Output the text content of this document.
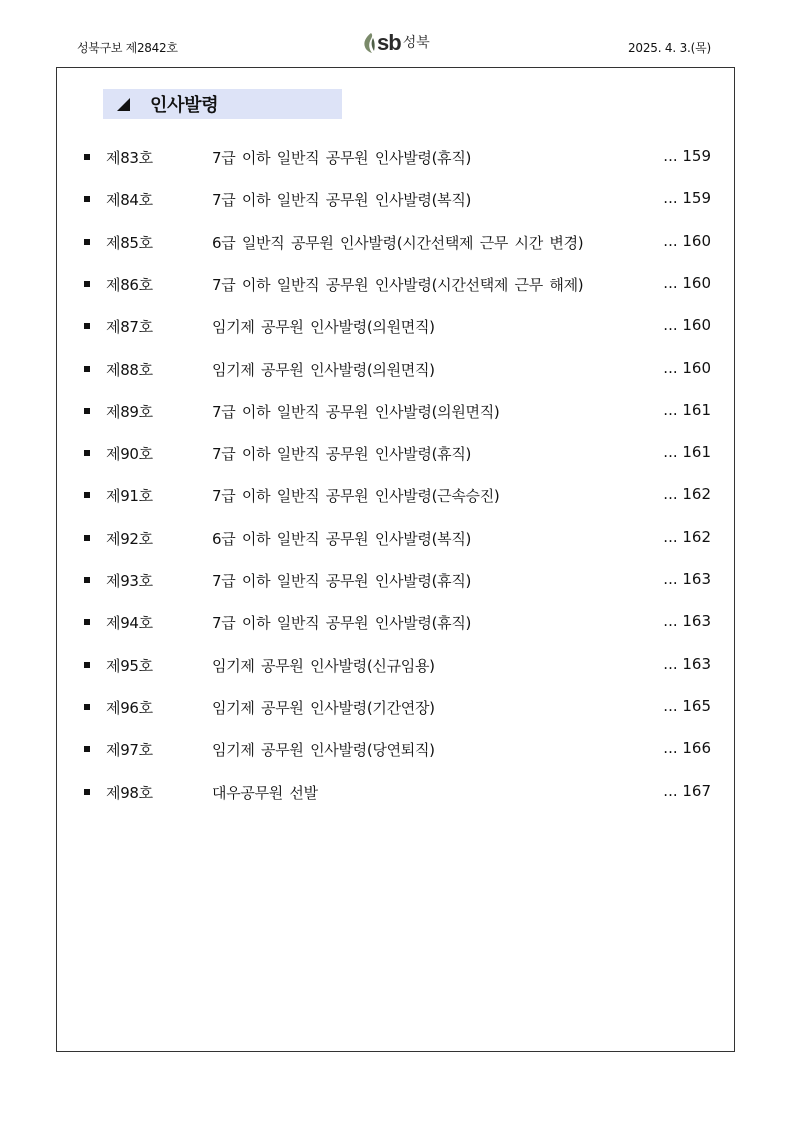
성북구보 제2842호	sb 성북	2025. 4. 3.(목)
인사발령
제83호	7급 이하 일반직 공무원 인사발령(휴직)	... 159
제84호	7급 이하 일반직 공무원 인사발령(복직)	... 159
제85호	6급 일반직 공무원 인사발령(시간선택제 근무 시간 변경)	... 160
제86호	7급 이하 일반직 공무원 인사발령(시간선택제 근무 해제)	... 160
제87호	임기제 공무원 인사발령(의원면직)	... 160
제88호	임기제 공무원 인사발령(의원면직)	... 160
제89호	7급 이하 일반직 공무원 인사발령(의원면직)	... 161
제90호	7급 이하 일반직 공무원 인사발령(휴직)	... 161
제91호	7급 이하 일반직 공무원 인사발령(근속승진)	... 162
제92호	6급 이하 일반직 공무원 인사발령(복직)	... 162
제93호	7급 이하 일반직 공무원 인사발령(휴직)	... 163
제94호	7급 이하 일반직 공무원 인사발령(휴직)	... 163
제95호	임기제 공무원 인사발령(신규임용)	... 163
제96호	임기제 공무원 인사발령(기간연장)	... 165
제97호	임기제 공무원 인사발령(당연퇴직)	... 166
제98호	대우공무원 선발	... 167
